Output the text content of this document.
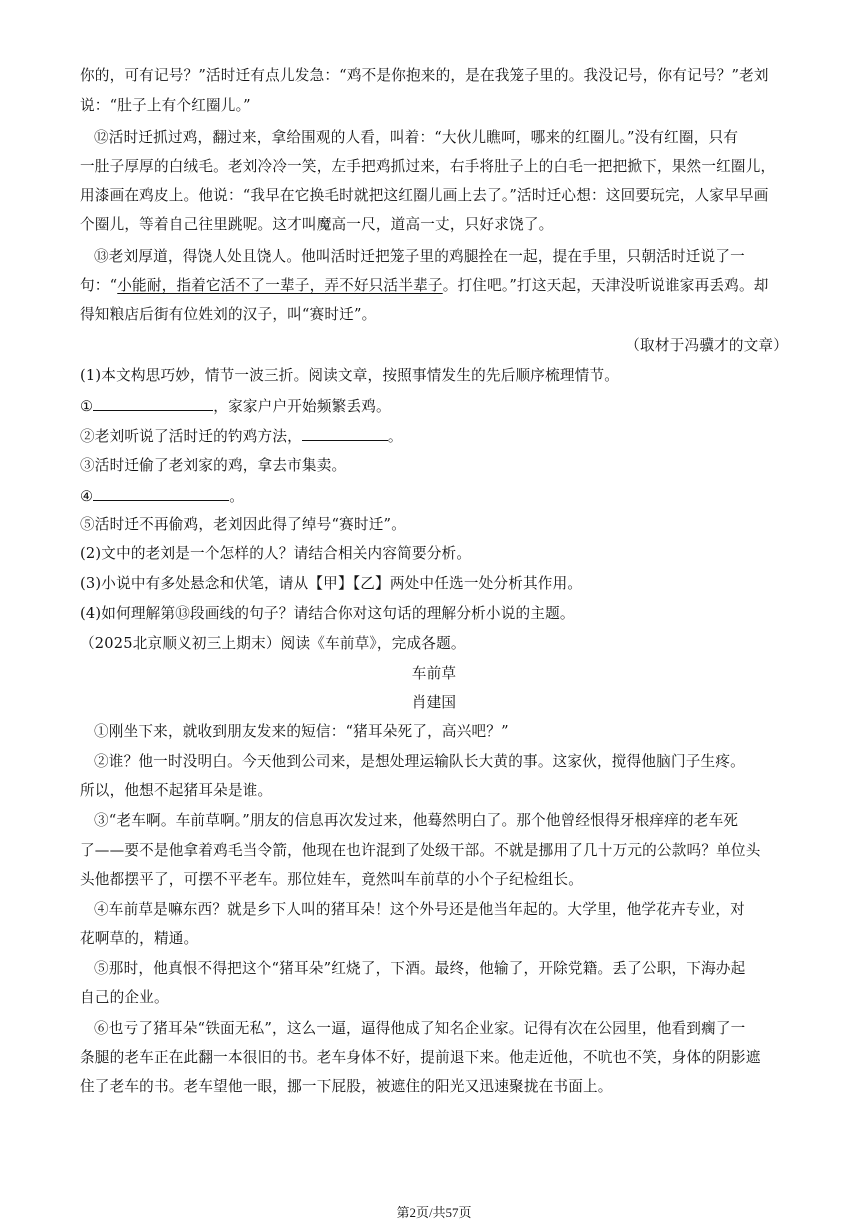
你的，可有记号？”活时迁有点儿发急：“鸡不是你抱来的，是在我笼子里的。我没记号，你有记号？”老刘
说：“肚子上有个红圈儿。”
⑫活时迁抓过鸡，翻过来，拿给围观的人看，叫着：“大伙儿瞧呵，哪来的红圈儿。”没有红圈，只有
一肚子厚厚的白绒毛。老刘冷冷一笑，左手把鸡抓过来，右手将肚子上的白毛一把把掀下，果然一红圈儿，
用漆画在鸡皮上。他说：“我早在它换毛时就把这红圈儿画上去了。”活时迁心想：这回要玩完，人家早早画
个圈儿，等着自己往里跳呢。这才叫魔高一尺，道高一丈，只好求饶了。
⑬老刘厚道，得饶人处且饶人。他叫活时迁把笼子里的鸡腿拴在一起，提在手里，只朝活时迁说了一
句：“小能耐，指着它活不了一辈子，弄不好只活半辈子。打住吧。”打这天起，天津没听说谁家再丢鸡。却
得知粮店后街有位姓刘的汉子，叫“赛时迁”。
（取材于冯骥才的文章）
(1)本文构思巧妙，情节一波三折。阅读文章，按照事情发生的先后顺序梳理情节。
①	，家家户户开始频繁丢鸡。
②老刘听说了活时迁的钓鸡方法，	。
③活时迁偷了老刘家的鸡，拿去市集卖。
④	。
⑤活时迁不再偷鸡，老刘因此得了绰号“赛时迁”。
(2)文中的老刘是一个怎样的人？请结合相关内容简要分析。
(3)小说中有多处悬念和伏笔，请从【甲】【乙】两处中任选一处分析其作用。
(4)如何理解第⑬段画线的句子？请结合你对这句话的理解分析小说的主题。
（2025北京顺义初三上期末）阅读《车前草》，完成各题。
车前草
肖建国
①刚坐下来，就收到朋友发来的短信：“猪耳朵死了，高兴吧？”
②谁？他一时没明白。今天他到公司来，是想处理运输队长大黄的事。这家伙，搅得他脑门子生疼。
所以，他想不起猪耳朵是谁。
③“老车啊。车前草啊。”朋友的信息再次发过来，他蓦然明白了。那个他曾经恨得牙根痒痒的老车死
了——要不是他拿着鸡毛当令箭，他现在也许混到了处级干部。不就是挪用了几十万元的公款吗？单位头
头他都摆平了，可摆不平老车。那位娃车，竟然叫车前草的小个子纪检组长。
④车前草是嘛东西？就是乡下人叫的猪耳朵！这个外号还是他当年起的。大学里，他学花卉专业，对
花啊草的，精通。
⑤那时，他真恨不得把这个“猪耳朵”红烧了，下酒。最终，他输了，开除党籍。丢了公职，下海办起
自己的企业。
⑥也亏了猪耳朵“铁面无私”，这么一逼，逼得他成了知名企业家。记得有次在公园里，他看到瘸了一
条腿的老车正在此翻一本很旧的书。老车身体不好，提前退下来。他走近他，不吭也不笑，身体的阴影遮
住了老车的书。老车望他一眼，挪一下屁股，被遮住的阳光又迅速聚拢在书面上。
第2页/共57页
